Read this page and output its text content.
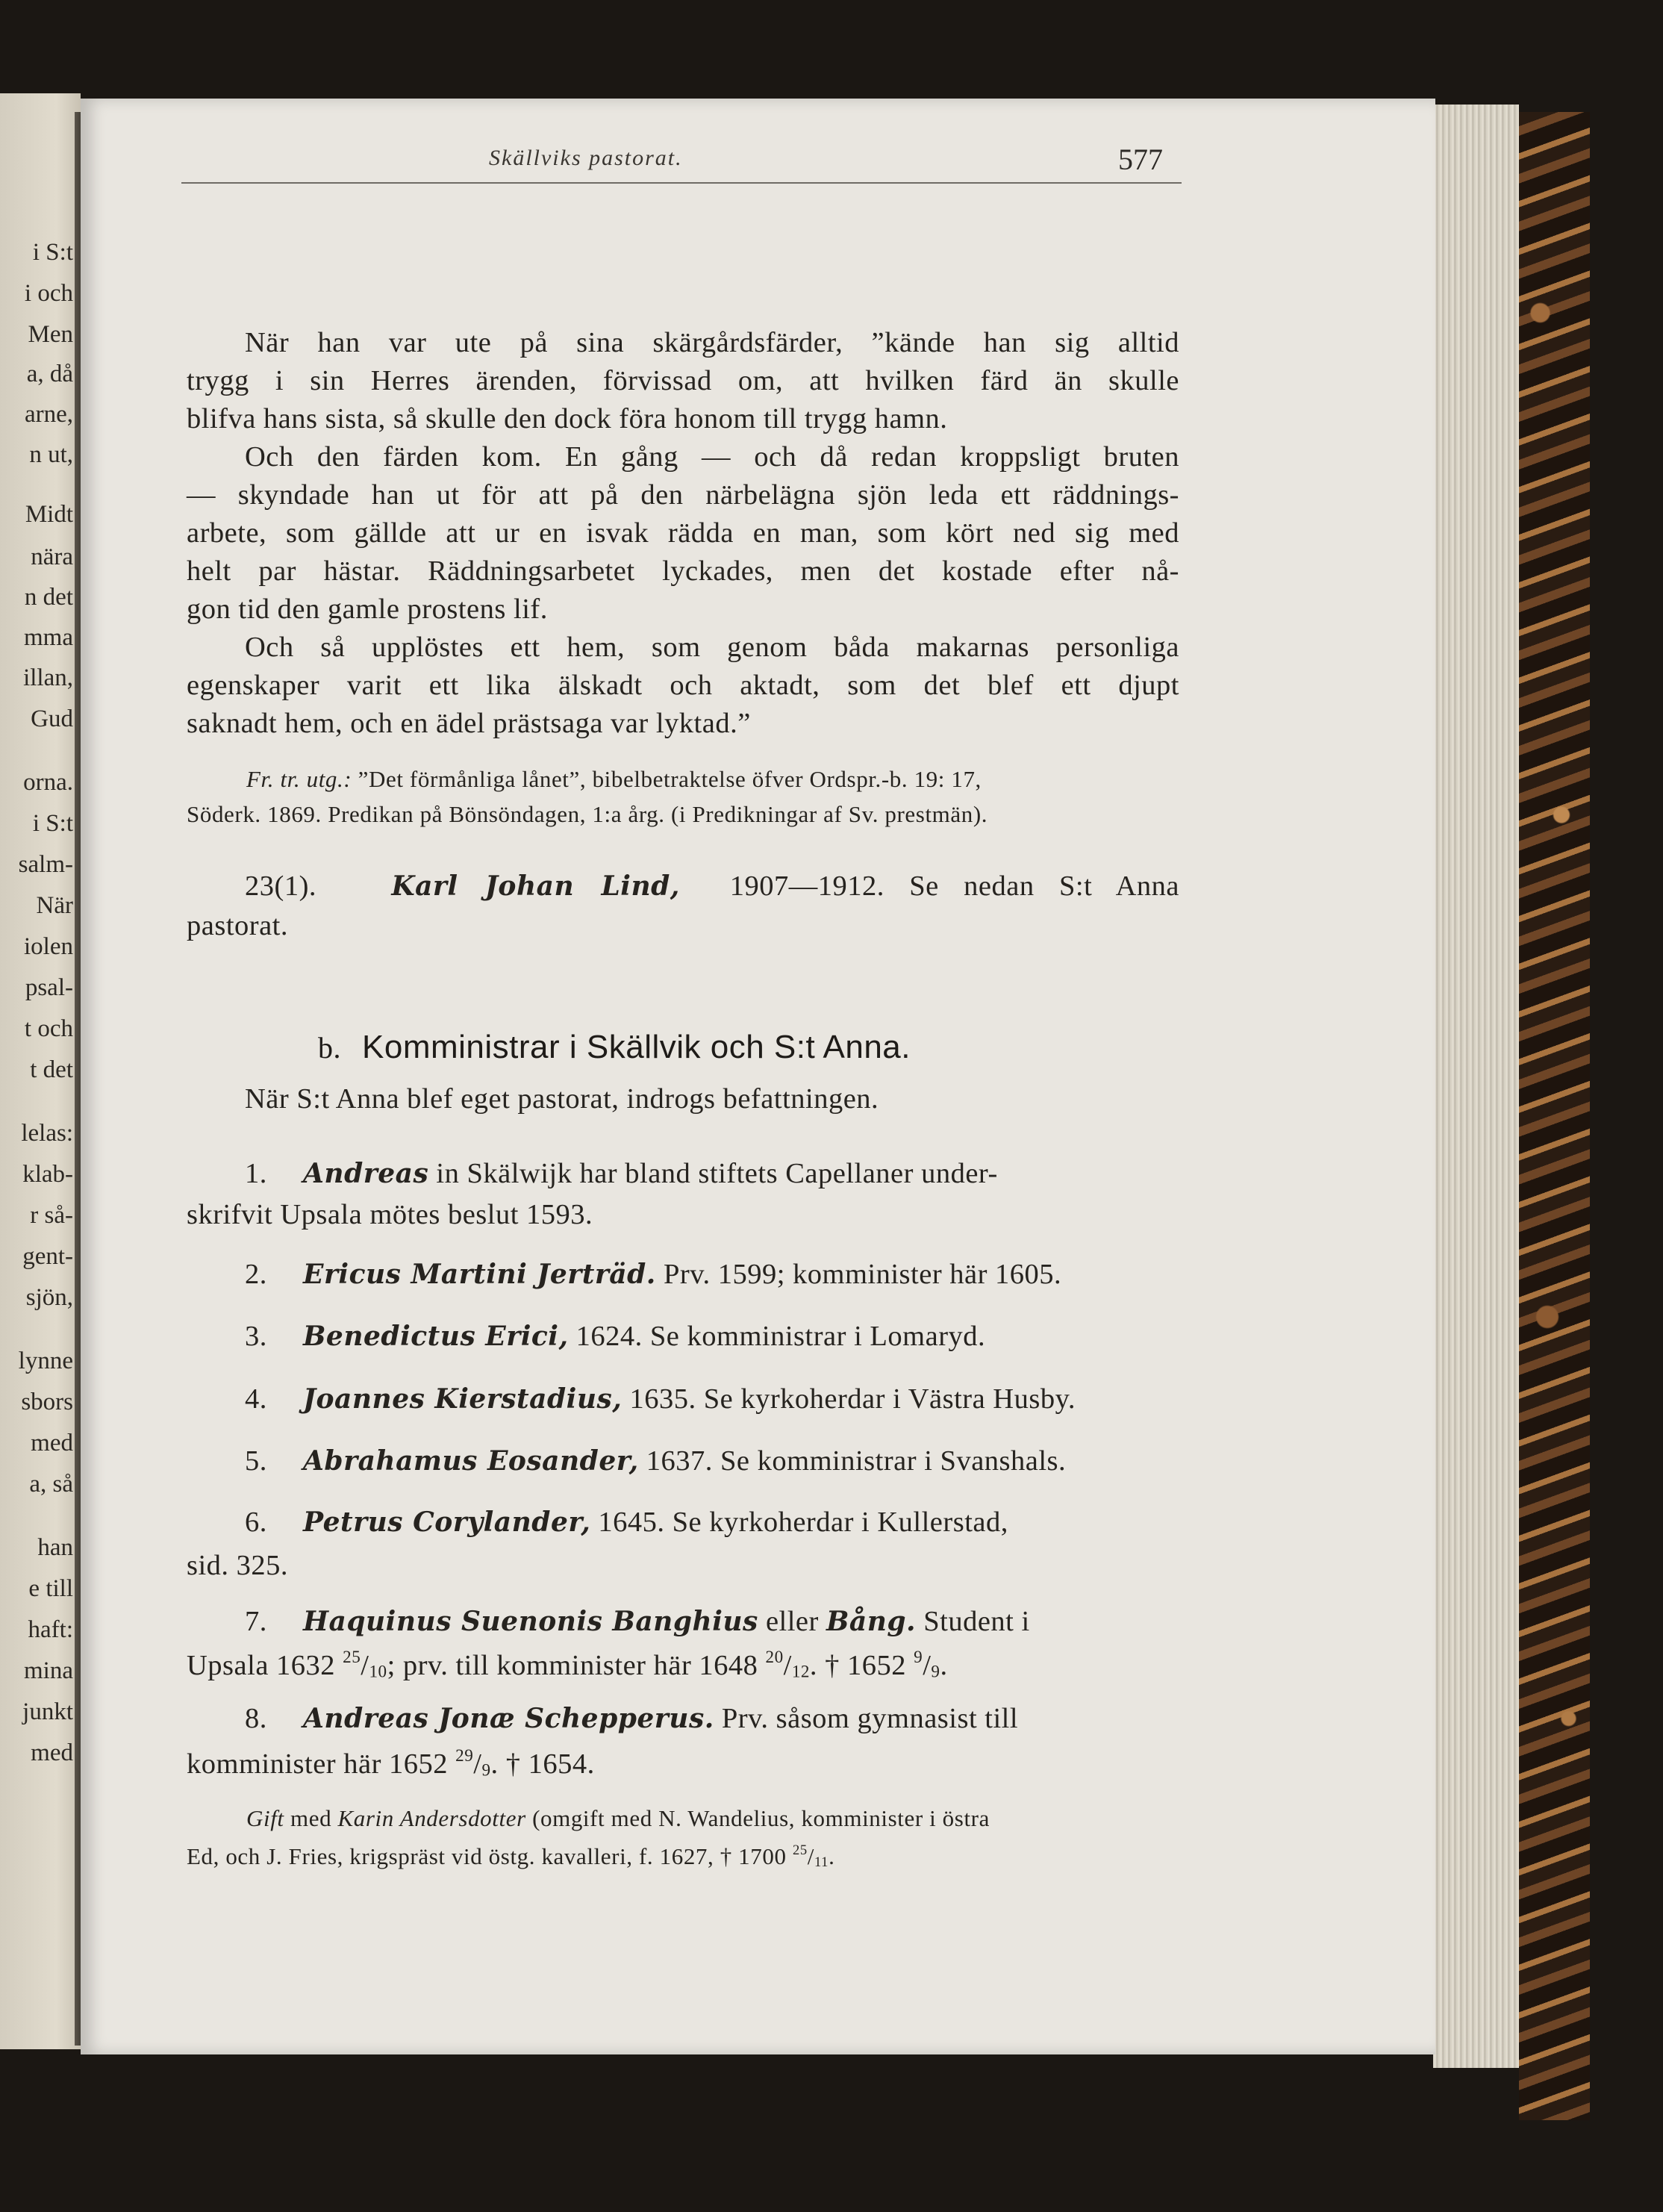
i S:t
i och
Men
a, då
arne,
n ut,
Midt
nära
n det
mma
illan,
Gud
orna.
i S:t
salm-
När
iolen
psal-
t och
t det
lelas:
klab-
r så-
gent-
sjön,
lynne
sbors
med
a, så
han
e till
haft:
mina
junkt
med
Skällviks pastorat.	577
När han var ute på sina skärgårdsfärder, ”kände han sig alltid
trygg i sin Herres ärenden, förvissad om, att hvilken färd än skulle
blifva hans sista, så skulle den dock föra honom till trygg hamn.
Och den färden kom. En gång — och då redan kroppsligt bruten
— skyndade han ut för att på den närbelägna sjön leda ett räddnings-
arbete, som gällde att ur en isvak rädda en man, som kört ned sig med
helt par hästar. Räddningsarbetet lyckades, men det kostade efter nå-
gon tid den gamle prostens lif.
Och så upplöstes ett hem, som genom båda makarnas personliga
egenskaper varit ett lika älskadt och aktadt, som det blef ett djupt
saknadt hem, och en ädel prästsaga var lyktad.”
Fr. tr. utg.: ”Det förmånliga lånet”, bibelbetraktelse öfver Ordspr.-b. 19: 17,
Söderk. 1869. Predikan på Bönsöndagen, 1:a årg. (i Predikningar af Sv. prestmän).
23(1).	Karl Johan Lind, 1907—1912. Se nedan S:t Anna
pastorat.
b. Komministrar i Skällvik och S:t Anna.
När S:t Anna blef eget pastorat, indrogs befattningen.
1. Andreas in Skälwijk har bland stiftets Capellaner under-
skrifvit Upsala mötes beslut 1593.
2. Ericus Martini Jerträd. Prv. 1599; komminister här 1605.
3. Benedictus Erici, 1624. Se komministrar i Lomaryd.
4. Joannes Kierstadius, 1635. Se kyrkoherdar i Västra Husby.
5. Abrahamus Eosander, 1637. Se komministrar i Svanshals.
6. Petrus Corylander, 1645. Se kyrkoherdar i Kullerstad,
sid. 325.
7. Haquinus Suenonis Banghius eller Bång. Student i
Upsala 1632 $^{25}/_{10}$; prv. till komminister här 1648 $^{20}/_{12}$. † 1652 $^9/_9$.
8. Andreas Jonæ Schepperus. Prv. såsom gymnasist till
komminister här 1652 $^{29}/_9$. † 1654.
Gift med Karin Andersdotter (omgift med N. Wandelius, komminister i östra
Ed, och J. Fries, krigspräst vid östg. kavalleri, f. 1627, † 1700 $^{25}/_{11}$.
